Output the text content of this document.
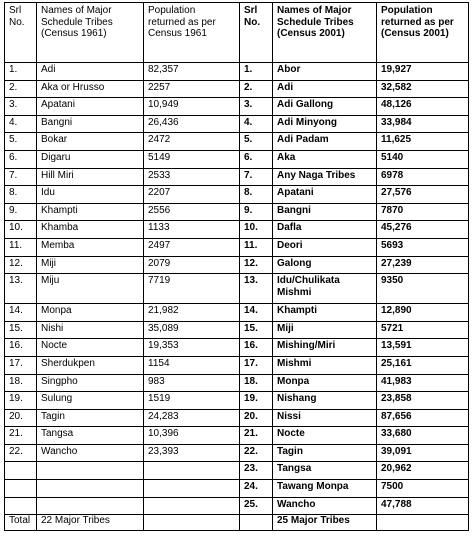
Srl No.	Names of Major Schedule Tribes (Census 1961)	Population returned as per Census 1961	Srl No.	Names of Major Schedule Tribes (Census 2001)	Population returned as per (Census 2001)
1.	Adi	82,357	1.	Abor	19,927
2.	Aka or Hrusso	2257	2.	Adi	32,582
3.	Apatani	10,949	3.	Adi Gallong	48,126
4.	Bangni	26,436	4.	Adi Minyong	33,984
5.	Bokar	2472	5.	Adi Padam	11,625
6.	Digaru	5149	6.	Aka	5140
7.	Hill Miri	2533	7.	Any Naga Tribes	6978
8.	Idu	2207	8.	Apatani	27,576
9.	Khampti	2556	9.	Bangni	7870
10.	Khamba	1133	10.	Dafla	45,276
11.	Memba	2497	11.	Deori	5693
12.	Miji	2079	12.	Galong	27,239
13.	Miju	7719	13.	Idu/Chulikata Mishmi	9350
14.	Monpa	21,982	14.	Khampti	12,890
15.	Nishi	35,089	15.	Miji	5721
16.	Nocte	19,353	16.	Mishing/Miri	13,591
17.	Sherdukpen	1154	17.	Mishmi	25,161
18.	Singpho	983	18.	Monpa	41,983
19.	Sulung	1519	19.	Nishang	23,858
20.	Tagin	24,283	20.	Nissi	87,656
21.	Tangsa	10,396	21.	Nocte	33,680
22.	Wancho	23,393	22.	Tagin	39,091
			23.	Tangsa	20,962
			24.	Tawang Monpa	7500
			25.	Wancho	47,788
Total	22 Major Tribes			25 Major Tribes	
